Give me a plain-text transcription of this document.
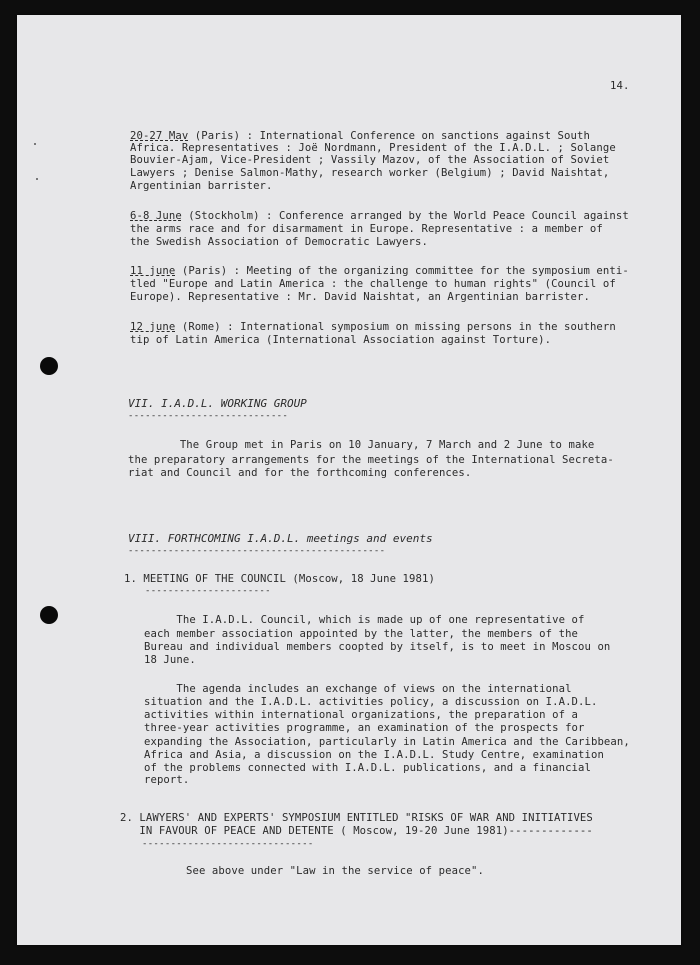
14.
20-27 Mav (Paris) : International Conference on sanctions against South
Africa. Representatives : Joë Nordmann, President of the I.A.D.L. ; Solange
Bouvier-Ajam, Vice-President ; Vassily Mazov, of the Association of Soviet
Lawyers ; Denise Salmon-Mathy, research worker (Belgium) ; David Naishtat,
Argentinian barrister.
6-8 June (Stockholm) : Conference arranged by the World Peace Council against
the arms race and for disarmament in Europe. Representative : a member of
the Swedish Association of Democratic Lawyers.
11 june (Paris) : Meeting of the organizing committee for the symposium enti-
tled "Europe and Latin America : the challenge to human rights" (Council of
Europe). Representative : Mr. David Naishtat, an Argentinian barrister.
12 june (Rome) : International symposium on missing persons in the southern
tip of Latin America (International Association against Torture).
VII. I.A.D.L. WORKING GROUP
----------------------------
The Group met in Paris on 10 January, 7 March and 2 June to make
the preparatory arrangements for the meetings of the International Secreta-
riat and Council and for the forthcoming conferences.
VIII. FORTHCOMING I.A.D.L. meetings and events
---------------------------------------------
1. MEETING OF THE COUNCIL (Moscow, 18 June 1981)
----------------------
The I.A.D.L. Council, which is made up of one representative of
each member association appointed by the latter, the members of the
Bureau and individual members coopted by itself, is to meet in Moscou on
18 June.
The agenda includes an exchange of views on the international
situation and the I.A.D.L. activities policy, a discussion on I.A.D.L.
activities within international organizations, the preparation of a
three-year activities programme, an examination of the prospects for
expanding the Association, particularly in Latin America and the Caribbean,
Africa and Asia, a discussion on the I.A.D.L. Study Centre, examination
of the problems connected with I.A.D.L. publications, and a financial
report.
2. LAWYERS' AND EXPERTS' SYMPOSIUM ENTITLED "RISKS OF WAR AND INITIATIVES
IN FAVOUR OF PEACE AND DETENTE ( Moscow, 19-20 June 1981)-------------
------------------------------
See above under "Law in the service of peace".
